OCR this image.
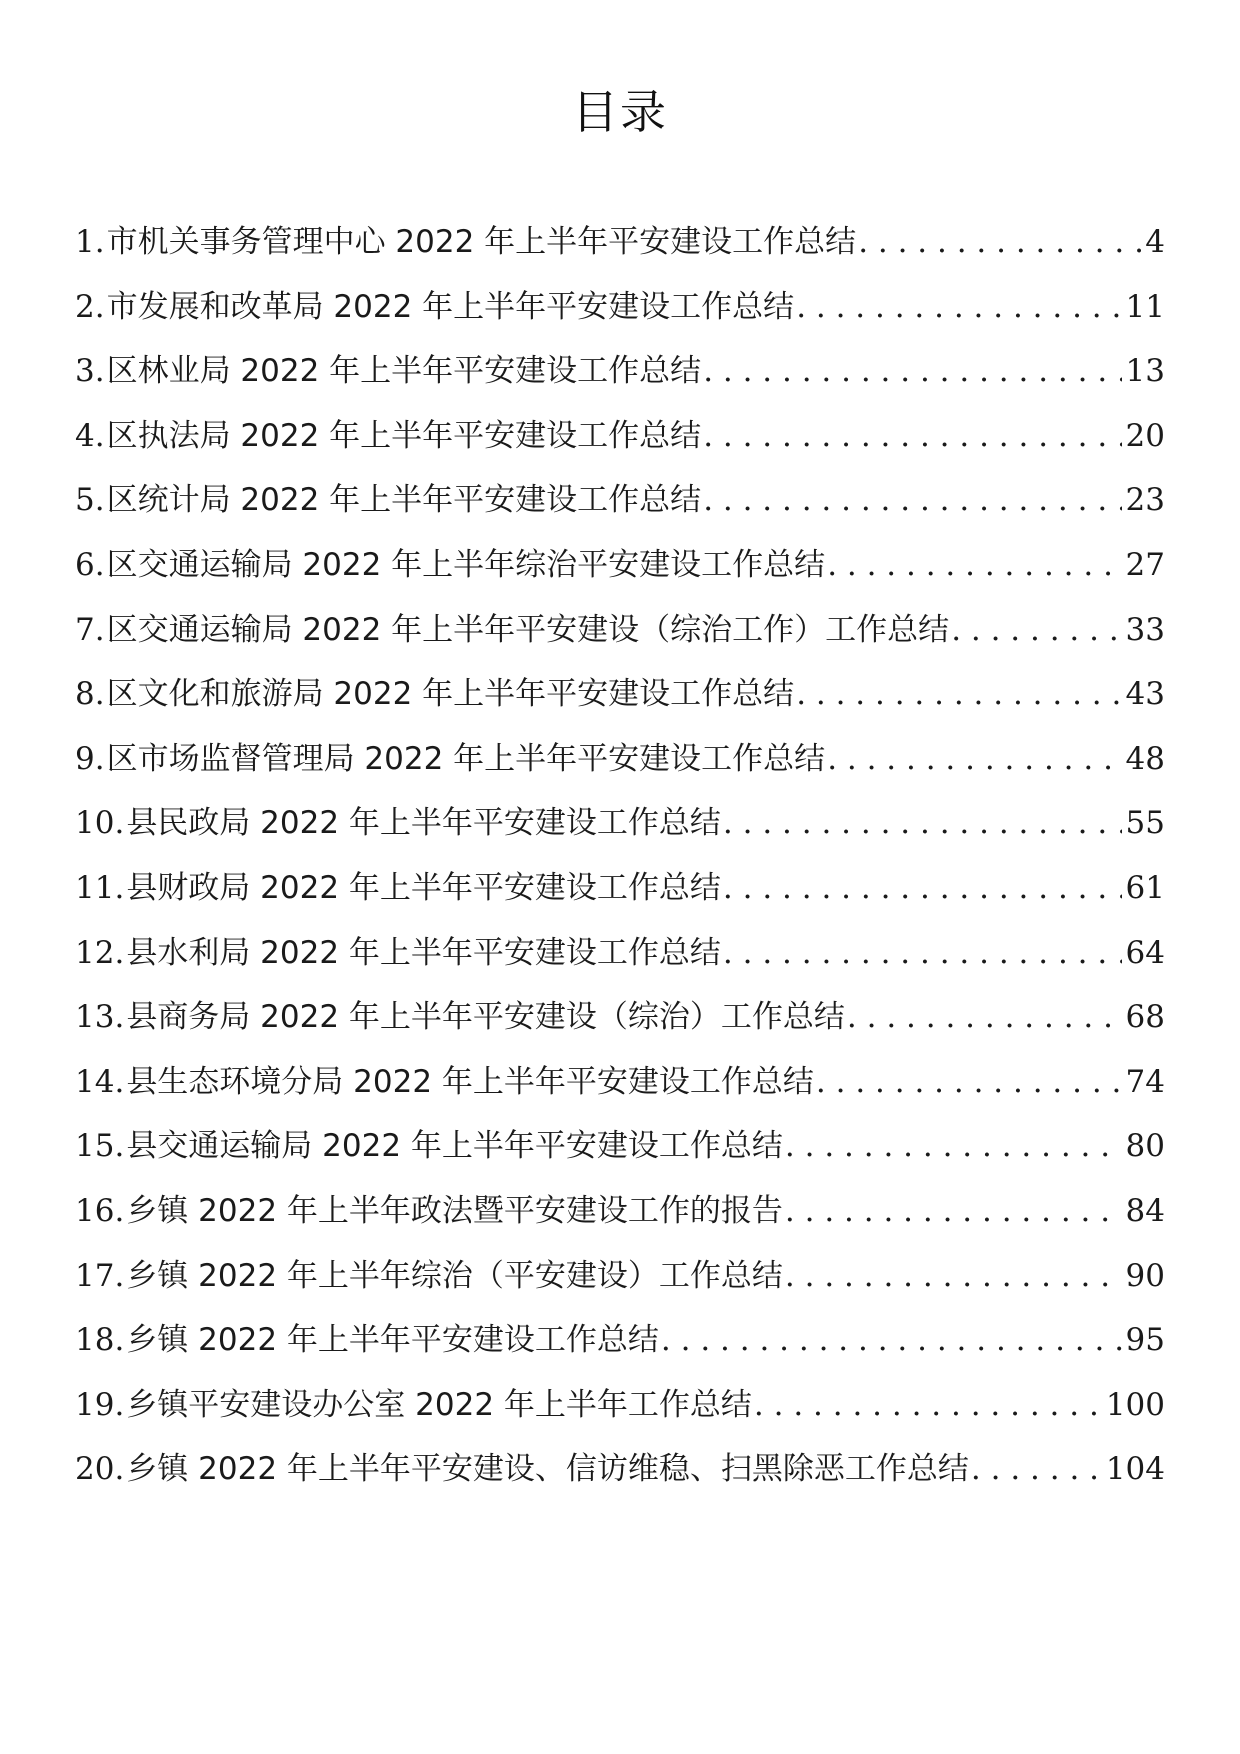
目录
1. 市机关事务管理中心 2022 年上半年平安建设工作总结 . . .	4
2. 市发展和改革局 2022 年上半年平安建设工作总结 . . .	11
3. 区林业局 2022 年上半年平安建设工作总结 . . .	13
4. 区执法局 2022 年上半年平安建设工作总结 . . .	20
5. 区统计局 2022 年上半年平安建设工作总结 . . .	23
6. 区交通运输局 2022 年上半年综治平安建设工作总结 . . .	27
7. 区交通运输局 2022 年上半年平安建设（综治工作）工作总结 . . .	33
8. 区文化和旅游局 2022 年上半年平安建设工作总结 . . .	43
9. 区市场监督管理局 2022 年上半年平安建设工作总结 . . .	48
10. 县民政局 2022 年上半年平安建设工作总结 . . .	55
11. 县财政局 2022 年上半年平安建设工作总结 . . .	61
12. 县水利局 2022 年上半年平安建设工作总结 . . .	64
13. 县商务局 2022 年上半年平安建设（综治）工作总结 . . .	68
14. 县生态环境分局 2022 年上半年平安建设工作总结 . . .	74
15. 县交通运输局 2022 年上半年平安建设工作总结 . . .	80
16. 乡镇 2022 年上半年政法暨平安建设工作的报告 . . .	84
17. 乡镇 2022 年上半年综治（平安建设）工作总结 . . .	90
18. 乡镇 2022 年上半年平安建设工作总结 . . .	95
19. 乡镇平安建设办公室 2022 年上半年工作总结 . . .	100
20. 乡镇 2022 年上半年平安建设、信访维稳、扫黑除恶工作总结 . . .	104
